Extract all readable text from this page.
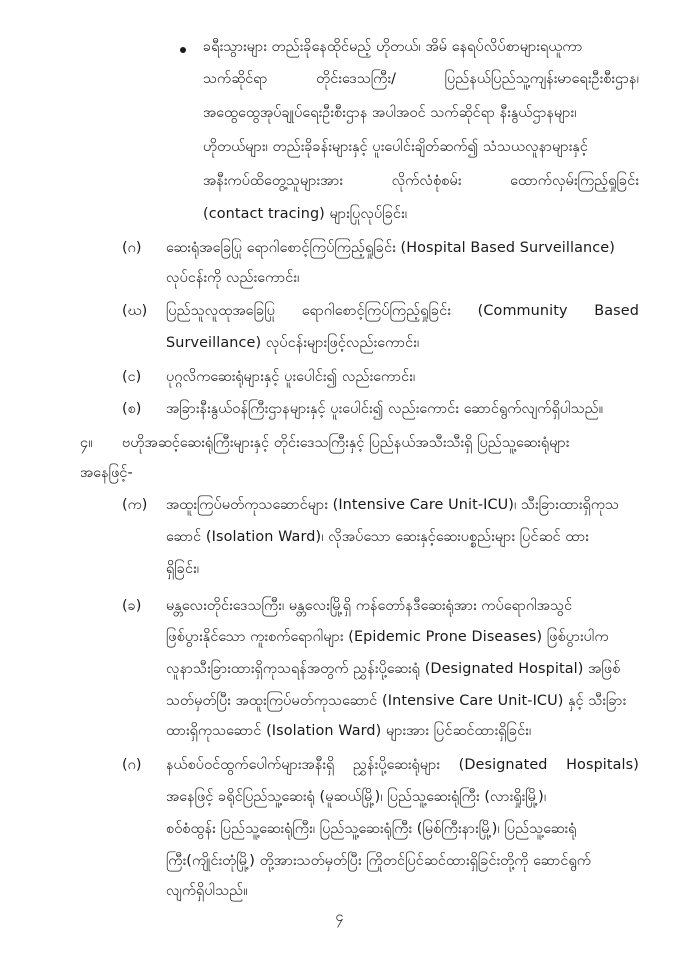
ခရီးသွားများ တည်းခိုနေထိုင်မည့် ဟိုတယ်၊ အိမ် နေရပ်လိပ်စာများရယူကာ
သက်ဆိုင်ရာ	တိုင်းဒေသကြီး/	ပြည်နယ်ပြည်သူ့ကျန်းမာရေးဦးစီးဌာန၊
အထွေထွေအုပ်ချုပ်ရေးဦးစီးဌာန အပါအဝင် သက်ဆိုင်ရာ နီးနွယ်ဌာနများ၊
ဟိုတယ်များ၊ တည်းခိုခန်းများနှင့် ပူးပေါင်းချိတ်ဆက်၍ သံသယလူနာများနှင့်
အနီးကပ်ထိတွေ့သူများအား	လိုက်လံစုံစမ်း	ထောက်လှမ်းကြည့်ရှုခြင်း
(contact tracing) များပြုလုပ်ခြင်း၊
(ဂ) ဆေးရုံအခြေပြု ရောဂါစောင့်ကြပ်ကြည့်ရှုခြင်း (Hospital Based Surveillance)
လုပ်ငန်းကို လည်းကောင်း၊
(ဃ) ပြည်သူလူထုအခြေပြု ရောဂါစောင့်ကြပ်ကြည့်ရှုခြင်း (Community Based
Surveillance) လုပ်ငန်းများဖြင့်လည်းကောင်း၊
(င) ပုဂ္ဂလိကဆေးရုံများနှင့် ပူးပေါင်း၍ လည်းကောင်း၊
(စ) အခြားနီးနွယ်ဝန်ကြီးဌာနများနှင့် ပူးပေါင်း၍ လည်းကောင်း ဆောင်ရွက်လျက်ရှိပါသည်။
၄။ ဗဟိုအဆင့်ဆေးရုံကြီးများနှင့် တိုင်းဒေသကြီးနှင့် ပြည်နယ်အသီးသီးရှိ ပြည်သူ့ဆေးရုံများ
အနေဖြင့်-
(က) အထူးကြပ်မတ်ကုသဆောင်များ (Intensive Care Unit-ICU)၊ သီးခြားထားရှိကုသ
ဆောင် (Isolation Ward)၊ လိုအပ်သော ဆေးနှင့်ဆေးပစ္စည်းများ ပြင်ဆင် ထား
ရှိခြင်း၊
(ခ) မန္တလေးတိုင်းဒေသကြီး၊ မန္တလေးမြို့ရှိ ကန်တော်နဒီဆေးရုံအား ကပ်ရောဂါအသွင်
ဖြစ်ပွားနိုင်သော ကူးစက်ရောဂါများ (Epidemic Prone Diseases) ဖြစ်ပွားပါက
လူနာသီးခြားထားရှိကုသရန်အတွက် ညွှန်းပို့ဆေးရုံ (Designated Hospital) အဖြစ်
သတ်မှတ်ပြီး အထူးကြပ်မတ်ကုသဆောင် (Intensive Care Unit-ICU) နှင့် သီးခြား
ထားရှိကုသဆောင် (Isolation Ward) များအား ပြင်ဆင်ထားရှိခြင်း၊
(ဂ) နယ်စပ်ဝင်ထွက်ပေါက်များအနီးရှိ ညွှန်းပို့ဆေးရုံများ (Designated Hospitals)
အနေဖြင့် ခရိုင်ပြည်သူ့ဆေးရုံ (မူဆယ်မြို့)၊ ပြည်သူ့ဆေးရုံကြီး (လားရှိုးမြို့)၊
စဝ်စံထွန်း ပြည်သူ့ဆေးရုံကြီး၊ ပြည်သူ့ဆေးရုံကြီး (မြစ်ကြီးနားမြို့)၊ ပြည်သူ့ဆေးရုံ
ကြီး(ကျိုင်းတုံမြို့) တို့အားသတ်မှတ်ပြီး ကြိုတင်ပြင်ဆင်ထားရှိခြင်းတို့ကို ဆောင်ရွက်
လျက်ရှိပါသည်။
၄
